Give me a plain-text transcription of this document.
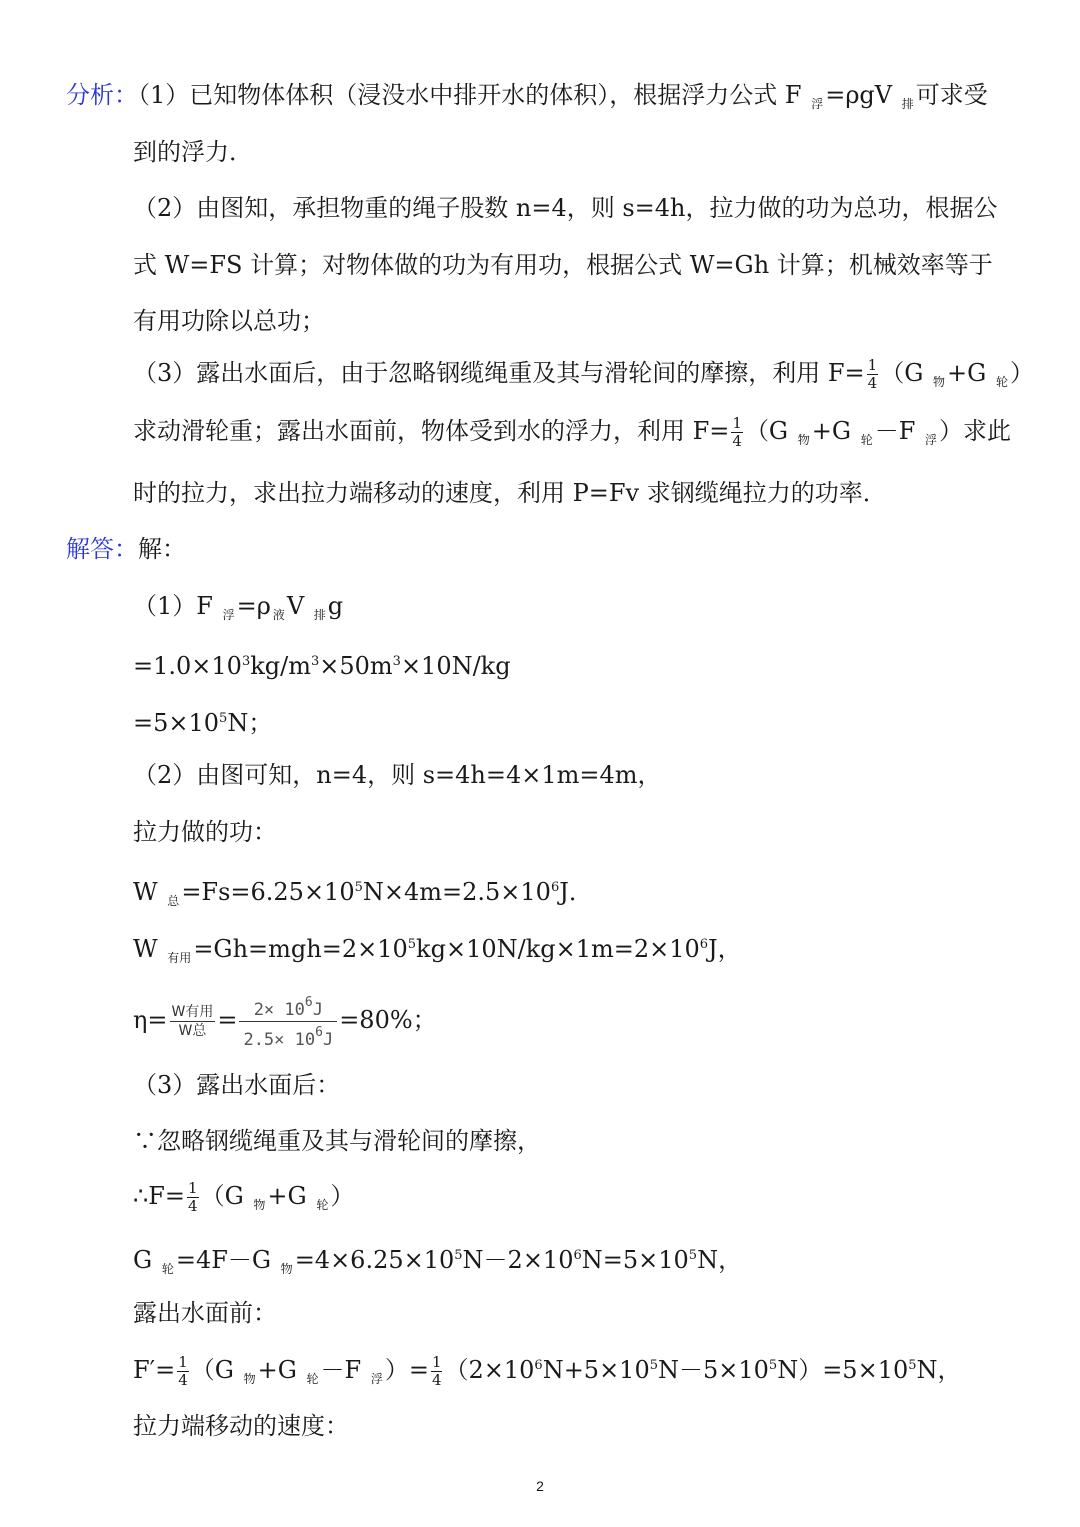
分析：（1）已知物体体积（浸没水中排开水的体积），根据浮力公式 F $_浮$=ρgV $_排$可求受
到的浮力．
（2）由图知，承担物重的绳子股数 n=4，则 s=4h，拉力做的功为总功，根据公
式 W=FS 计算；对物体做的功为有用功，根据公式 W=Gh 计算；机械效率等于
有用功除以总功；
（3）露出水面后，由于忽略钢缆绳重及其与滑轮间的摩擦，利用 $F= \frac{1}{4} (G$ $_物$+G $_轮$）
求动滑轮重；露出水面前，物体受到水的浮力，利用 $F= \frac{1}{4} (G$ $_物$+G $_轮$－F $_浮$）求此
时的拉力，求出拉力端移动的速度，利用 P=Fv 求钢缆绳拉力的功率．
解答：解：
（1）F $_浮$=ρ $_液$V $_排$g
$=1.0\times 10^3kg/m^3\times 50m^3\times 10N/kg$
$=5\times 10^5N$；
（2）由图可知，n=4，则 s=4h=4×1m=4m，
拉力做的功：
W $_总=Fs=6.25\times 10^5N\times 4m=2.5\times 10^6J$．
W $_{有用}=Gh=mgh=2\times 10^5kg\times 10N/kg\times 1m=2\times 10^6J$，
$\eta= \frac{\text{W有用}}{\text{W总}} = \frac{2\times 10^6J}{2.5\times 10^6J} =80\%$；
（3）露出水面后：
∵忽略钢缆绳重及其与滑轮间的摩擦，
∴F= $\frac{1}{4} (G$ $_物$+G $_轮$）
G $_轮$=4F－G $_物=4\times 6.25\times 10^5N-2\times 10^6N=5\times 10^5N$，
露出水面前：
$F'= \frac{1}{4} (G$ $_物$+G $_轮$－F $_浮)= \frac{1}{4} (2\times 10^6N+5\times 10^5N-5\times 10^5N)=5\times 10^5N$，
拉力端移动的速度：
2
